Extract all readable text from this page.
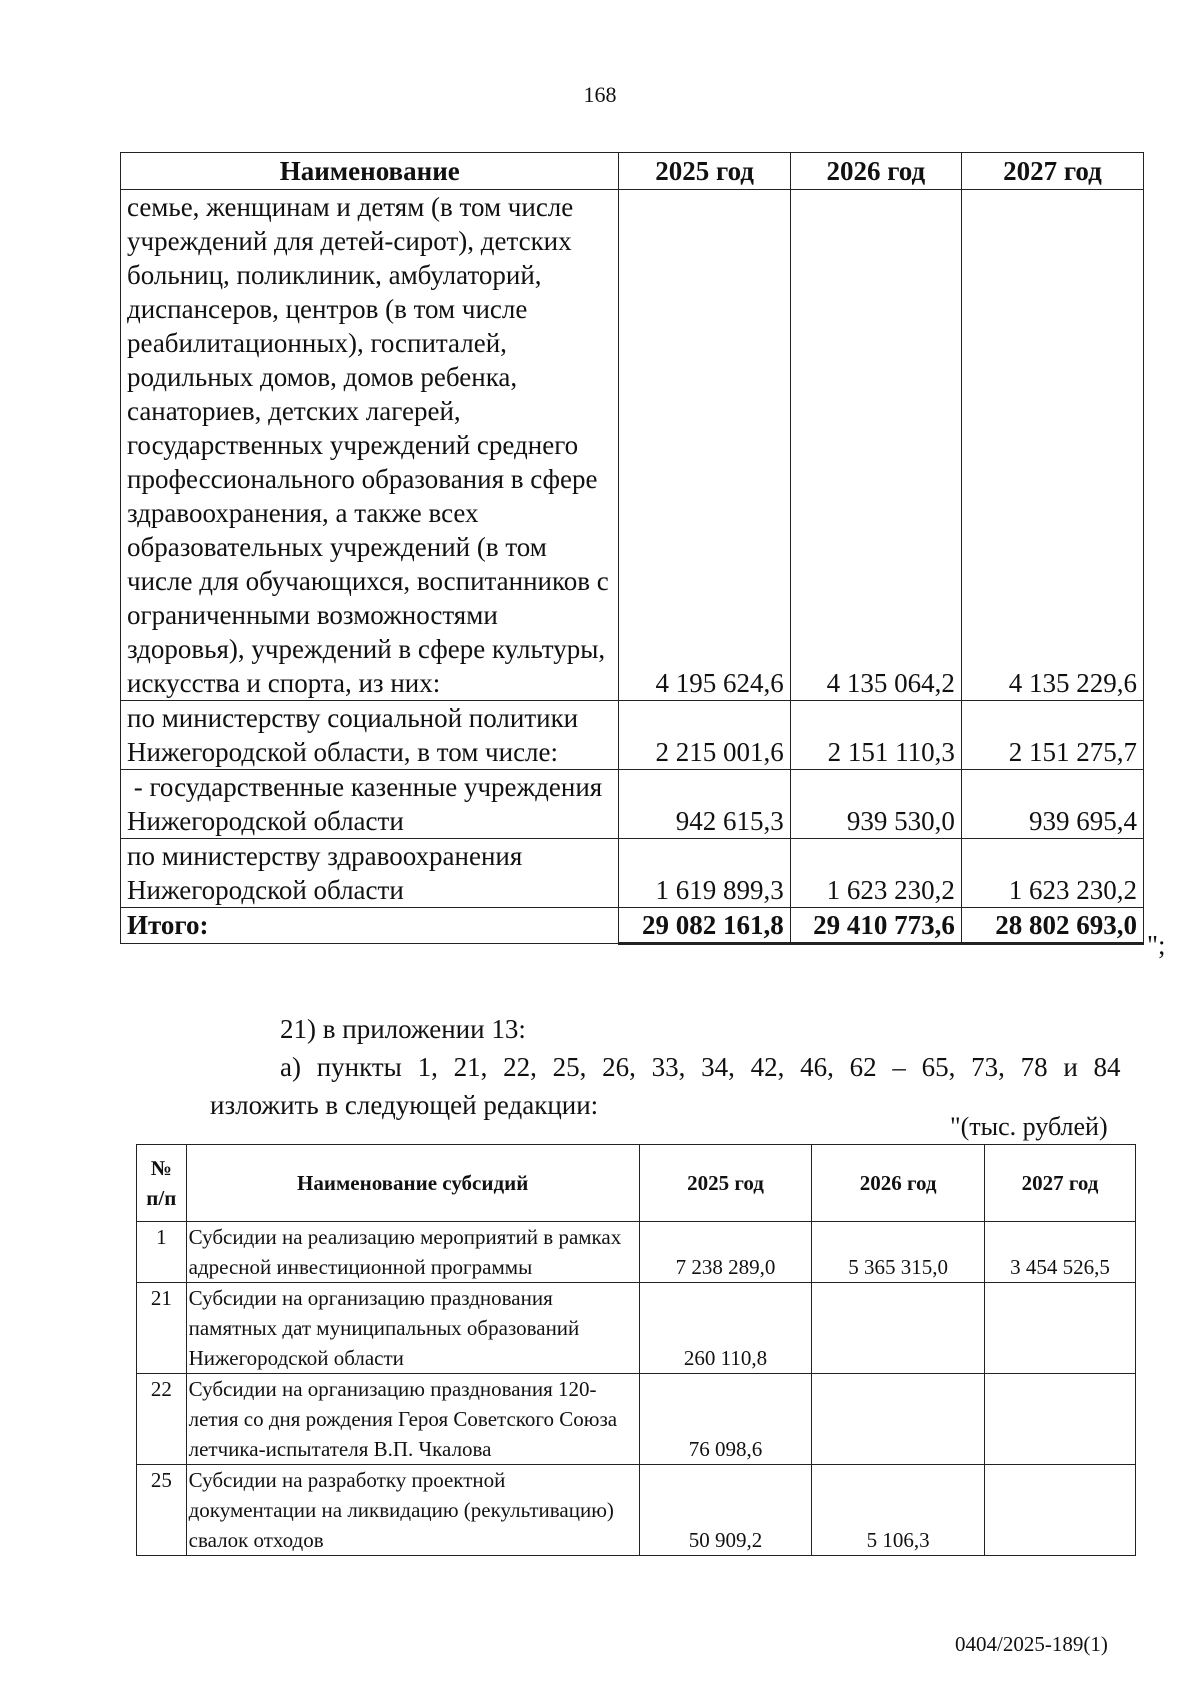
168
Наименование	2025 год	2026 год	2027 год
семье, женщинам и детям (в том числе учреждений для детей-сирот), детских больниц, поликлиник, амбулаторий, диспансеров, центров (в том числе реабилитационных), госпиталей, родильных домов, домов ребенка, санаториев, детских лагерей, государственных учреждений среднего профессионального образования в сфере здравоохранения, а также всех образовательных учреждений (в том числе для обучающихся, воспитанников с ограниченными возможностями здоровья), учреждений в сфере культуры, искусства и спорта, из них:	4 195 624,6	4 135 064,2	4 135 229,6
по министерству социальной политики Нижегородской области, в том числе:	2 215 001,6	2 151 110,3	2 151 275,7
- государственные казенные учреждения Нижегородской области	942 615,3	939 530,0	939 695,4
по министерству здравоохранения Нижегородской области	1 619 899,3	1 623 230,2	1 623 230,2
Итого:	29 082 161,8	29 410 773,6	28 802 693,0
";
21) в приложении 13:
а) пункты 1, 21, 22, 25, 26, 33, 34, 42, 46, 62 – 65, 73, 78 и 84
изложить в следующей редакции:
"(тыс. рублей)
№ п/п	Наименование субсидий	2025 год	2026 год	2027 год
1	Субсидии на реализацию мероприятий в рамках адресной инвестиционной программы	7 238 289,0	5 365 315,0	3 454 526,5
21	Субсидии на организацию празднования памятных дат муниципальных образований Нижегородской области	260 110,8		
22	Субсидии на организацию празднования 120-летия со дня рождения Героя Советского Союза летчика-испытателя В.П. Чкалова	76 098,6		
25	Субсидии на разработку проектной документации на ликвидацию (рекультивацию) свалок отходов	50 909,2	5 106,3	
0404/2025-189(1)
